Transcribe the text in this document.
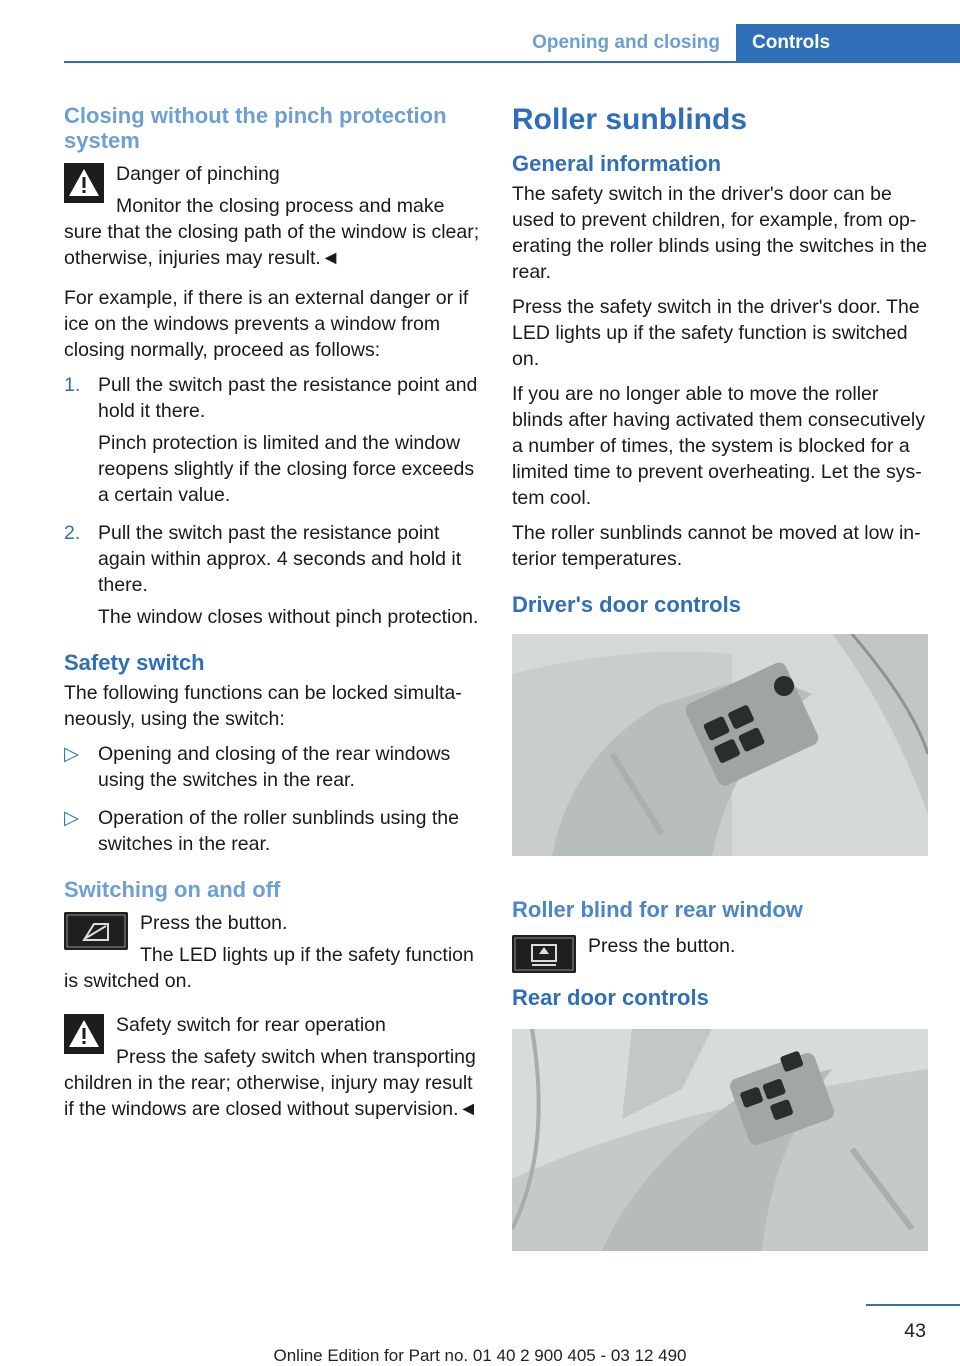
Opening and closing	Controls
Closing without the pinch protection system

Danger of pinching

Monitor the closing process and make

sure that the closing path of the window is clear; otherwise, injuries may result.◄

For example, if there is an external danger or if ice on the windows prevents a window from closing normally, proceed as follows:

1. Pull the switch past the resistance point and hold it there.
Pinch protection is limited and the window reopens slightly if the closing force exceeds a certain value.
2. Pull the switch past the resistance point again within approx. 4 seconds and hold it there.
The window closes without pinch protection.
Safety switch

The following functions can be locked simultaneously, using the switch:

▷ Opening and closing of the rear windows using the switches in the rear.
▷ Operation of the roller sunblinds using the switches in the rear.
Switching on and off

Press the button.

The LED lights up if the safety function

is switched on.

Safety switch for rear operation

Press the safety switch when transporting

children in the rear; otherwise, injury may result if the windows are closed without supervision.◄

Roller sunblinds
General information

The safety switch in the driver's door can be used to prevent children, for example, from operating the roller blinds using the switches in the rear.

Press the safety switch in the driver's door. The LED lights up if the safety function is switched on.

If you are no longer able to move the roller blinds after having activated them consecutively a number of times, the system is blocked for a limited time to prevent overheating. Let the system cool.

The roller sunblinds cannot be moved at low interior temperatures.

Driver's door controls
Roller blind for rear window

Press the button.

Rear door controls
43
Online Edition for Part no. 01 40 2 900 405 - 03 12 490
